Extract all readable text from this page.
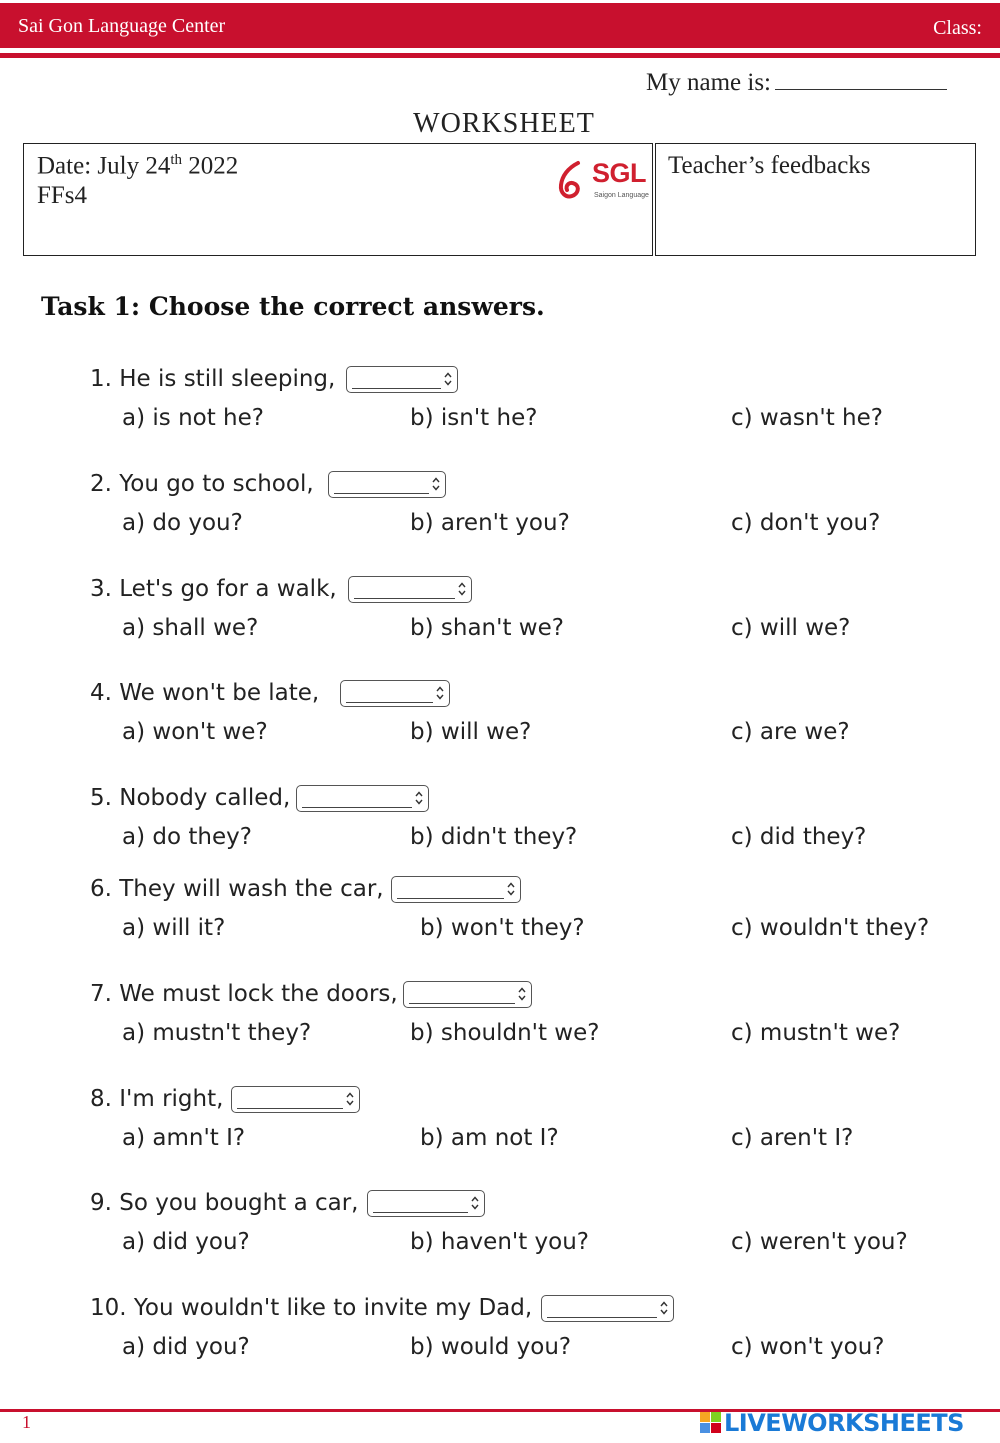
Sai Gon Language Center	Class:
My name is:
WORKSHEET
Date: July 24th 2022
FFs4
SGL
Saigon Language
Teacher’s feedbacks
Task 1: Choose the correct answers.
1. He is still sleeping,
a) is not he?	b) isn't he?	c) wasn't he?
2. You go to school,
a) do you?	b) aren't you?	c) don't you?
3. Let's go for a walk,
a) shall we?	b) shan't we?	c) will we?
4. We won't be late,
a) won't we?	b) will we?	c) are we?
5. Nobody called,
a) do they?	b) didn't they?	c) did they?
6. They will wash the car,
a) will it?	b) won't they?	c) wouldn't they?
7. We must lock the doors,
a) mustn't they?	b) shouldn't we?	c) mustn't we?
8. I'm right,
a) amn't I?	b) am not I?	c) aren't I?
9. So you bought a car,
a) did you?	b) haven't you?	c) weren't you?
10. You wouldn't like to invite my Dad,
a) did you?	b) would you?	c) won't you?
1	LIVEWORKSHEETS
